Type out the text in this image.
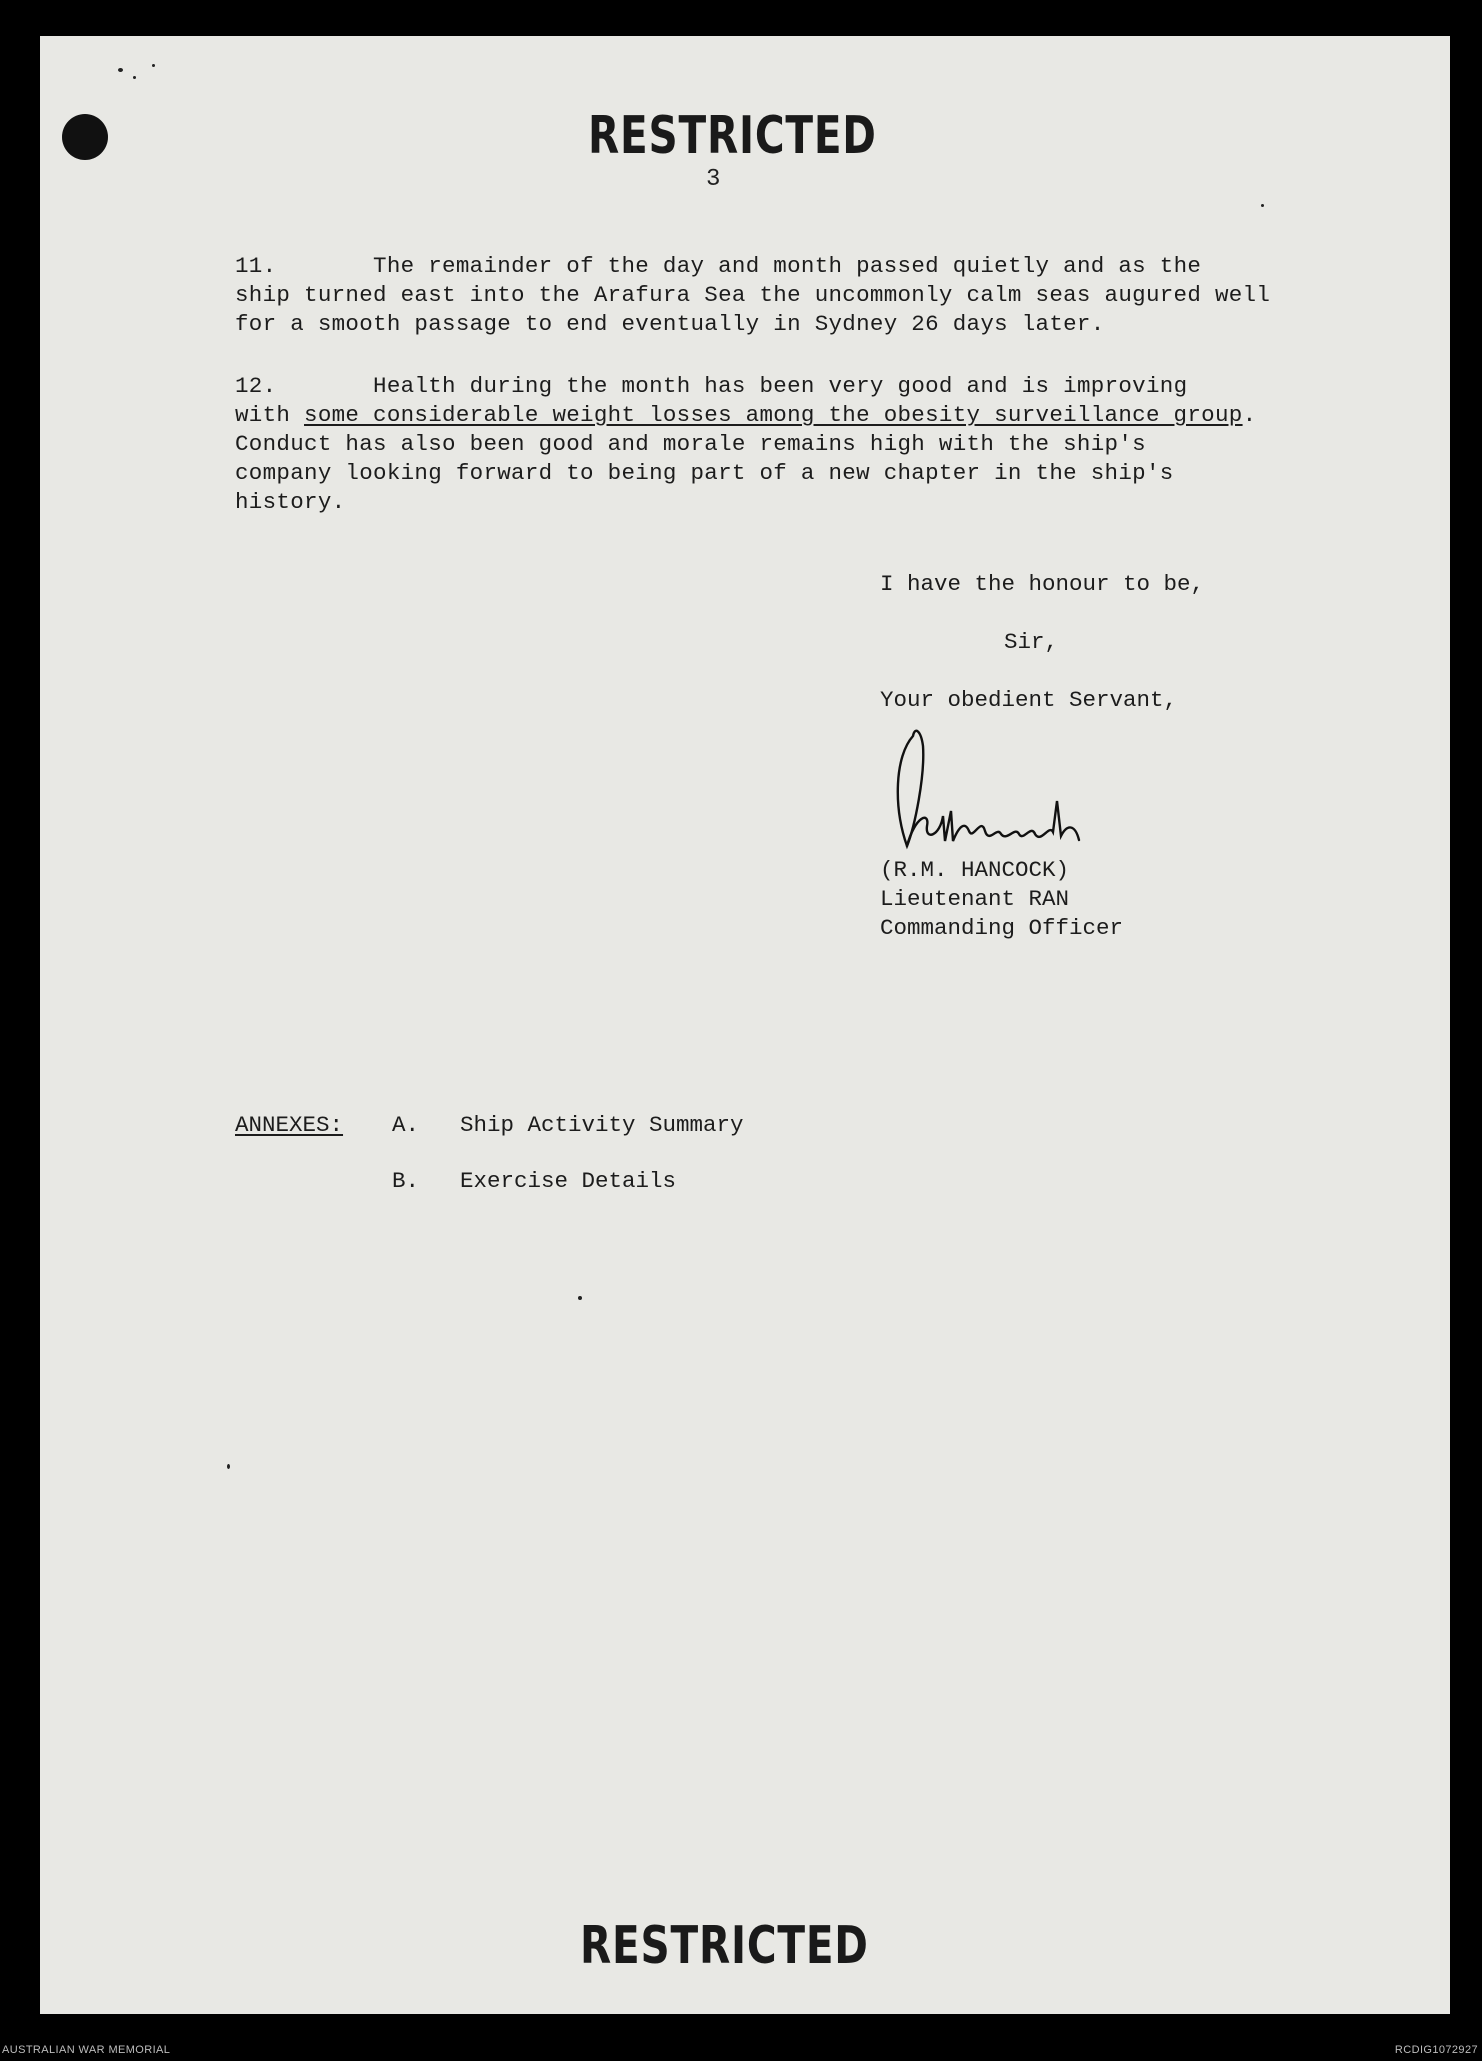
RESTRICTED
3
11.	The remainder of the day and month passed quietly and as the
ship turned east into the Arafura Sea the uncommonly calm seas augured well
for a smooth passage to end eventually in Sydney 26 days later.
12.	Health during the month has been very good and is improving
with some considerable weight losses among the obesity surveillance group.
Conduct has also been good and morale remains high with the ship's
company looking forward to being part of a new chapter in the ship's
history.
I have the honour to be,
Sir,
Your obedient Servant,
(R.M. HANCOCK)
Lieutenant RAN
Commanding Officer
ANNEXES: A. Ship Activity Summary
B. Exercise Details
RESTRICTED
AUSTRALIAN WAR MEMORIAL	RCDIG1072927
